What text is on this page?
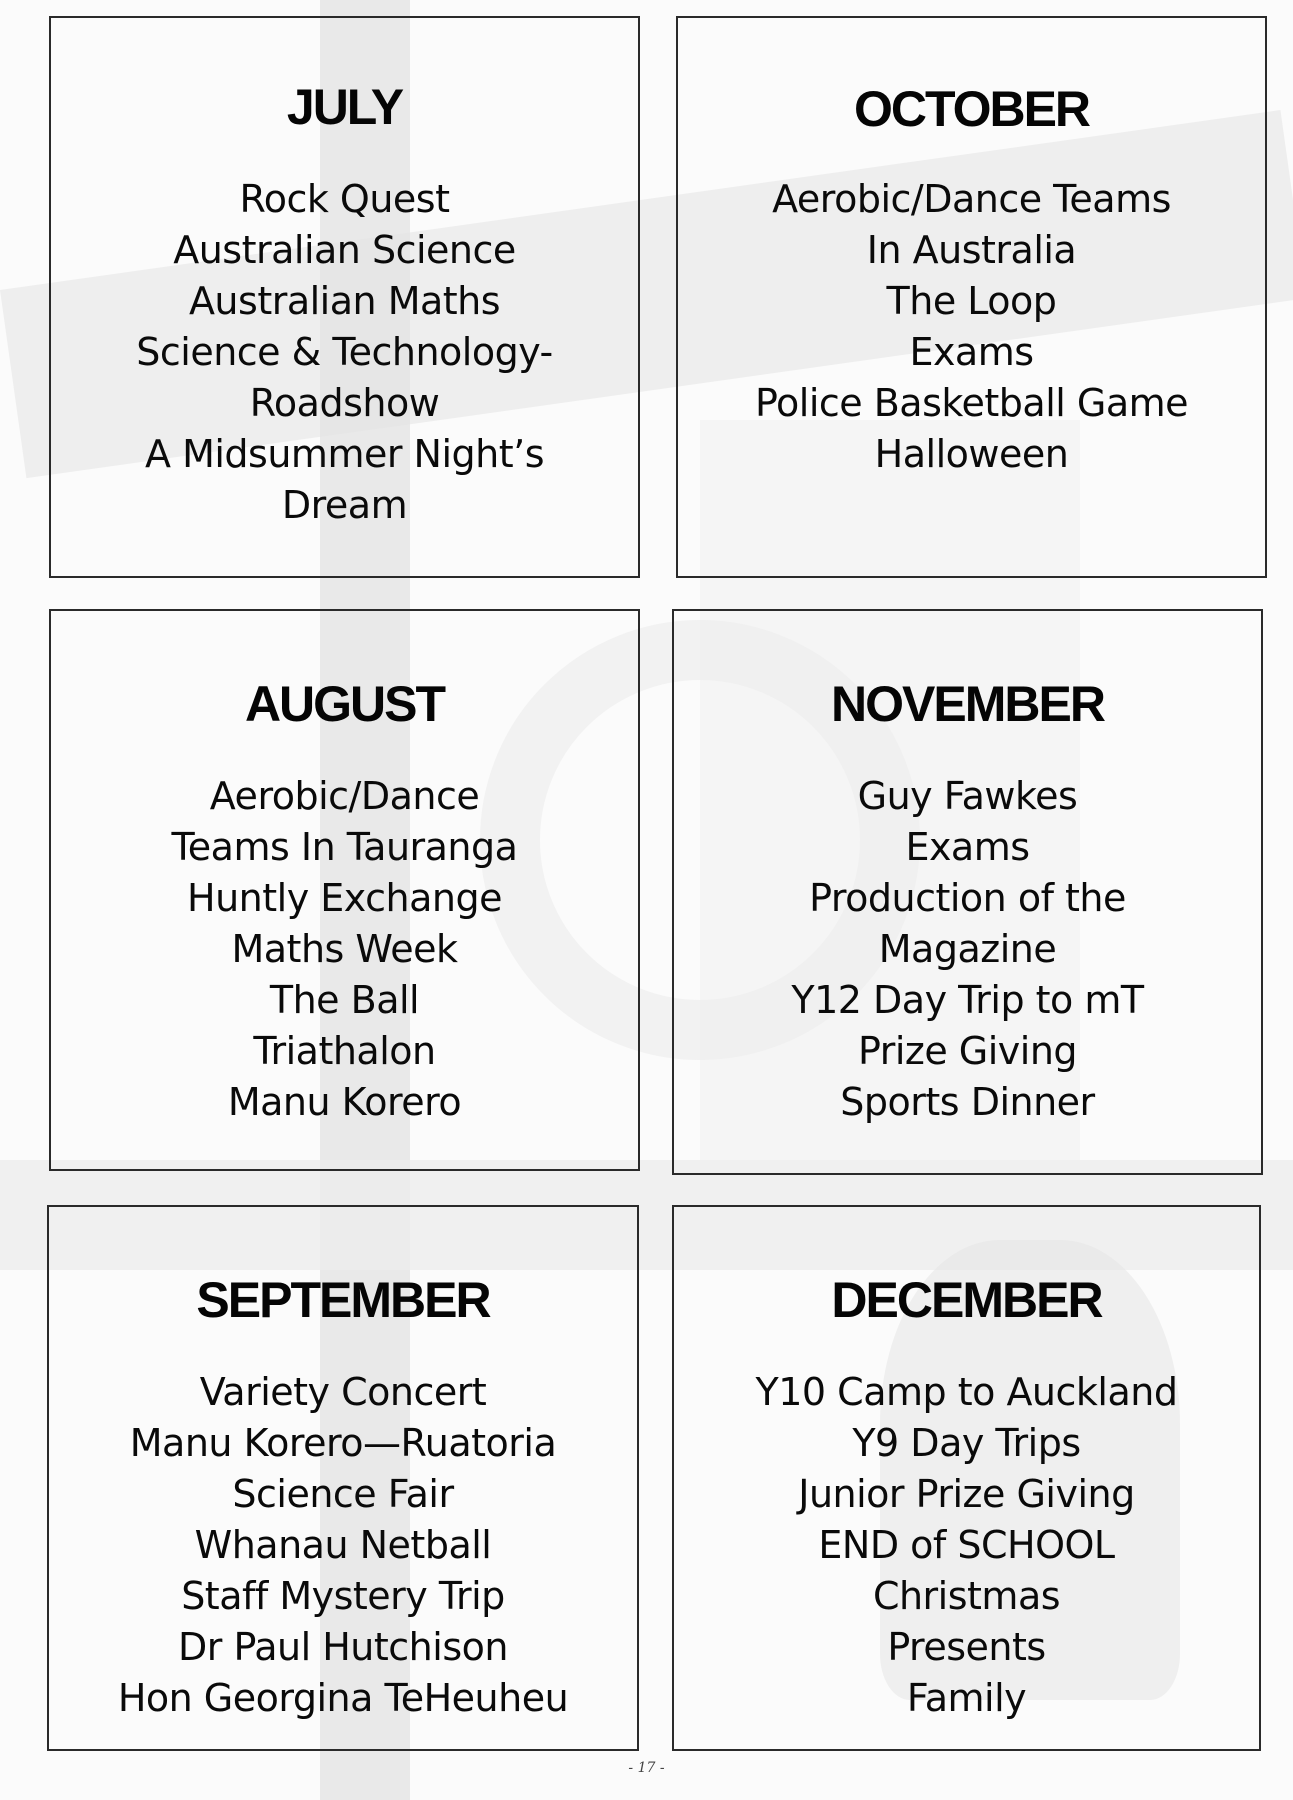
JULY
Rock Quest
Australian Science
Australian Maths
Science & Technology-
Roadshow
A Midsummer Night’s
Dream
OCTOBER
Aerobic/Dance Teams
In Australia
The Loop
Exams
Police Basketball Game
Halloween
AUGUST
Aerobic/Dance
Teams In Tauranga
Huntly Exchange
Maths Week
The Ball
Triathalon
Manu Korero
NOVEMBER
Guy Fawkes
Exams
Production of the
Magazine
Y12 Day Trip to mT
Prize Giving
Sports Dinner
SEPTEMBER
Variety Concert
Manu Korero—Ruatoria
Science Fair
Whanau Netball
Staff Mystery Trip
Dr Paul Hutchison
Hon Georgina TeHeuheu
DECEMBER
Y10 Camp to Auckland
Y9 Day Trips
Junior Prize Giving
END of SCHOOL
Christmas
Presents
Family
- 17 -
